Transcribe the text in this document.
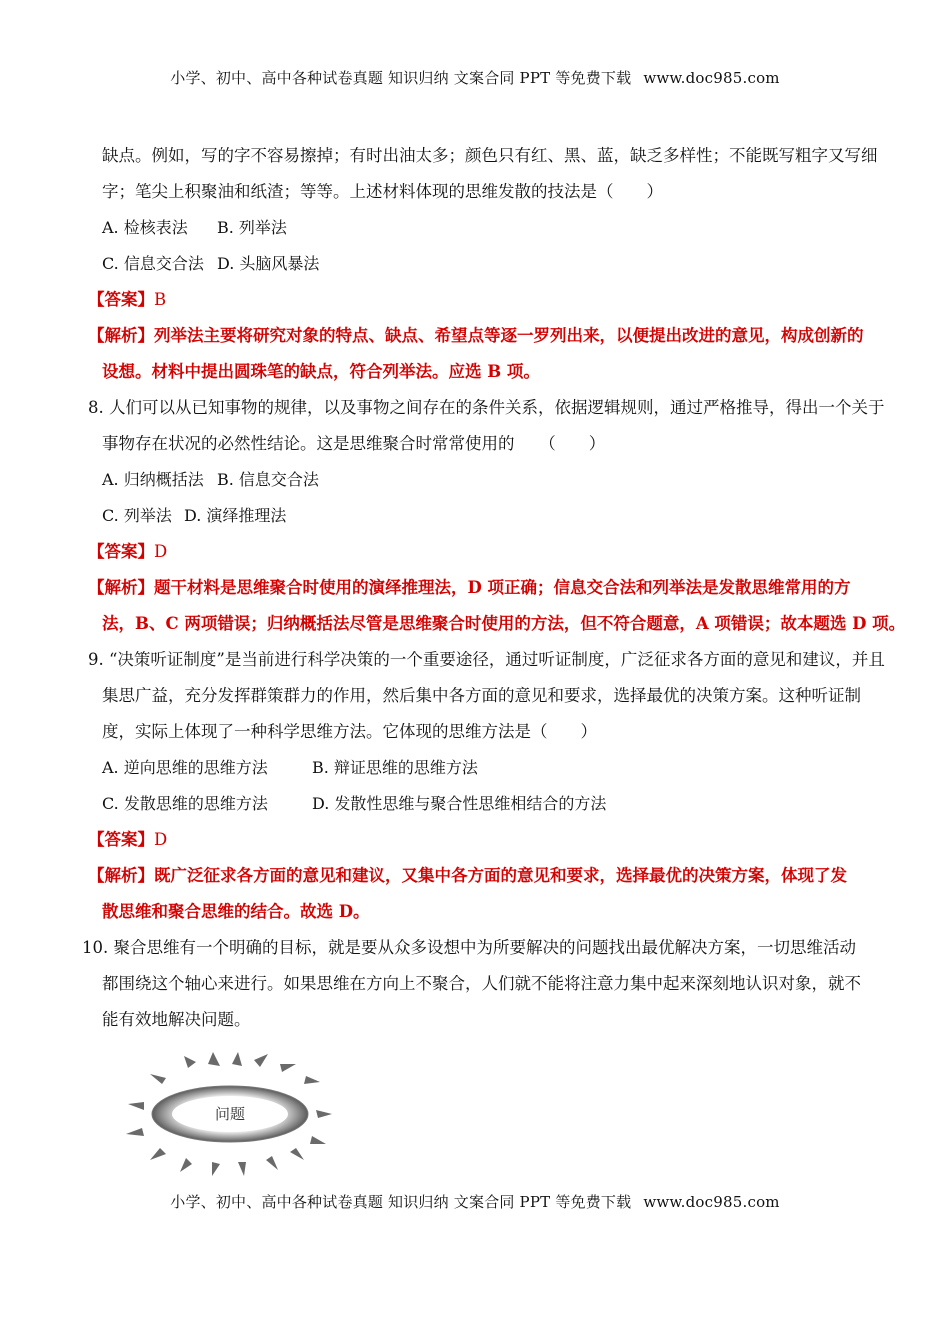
小学、初中、高中各种试卷真题 知识归纳 文案合同 PPT 等免费下载 www.doc985.com
缺点。例如，写的字不容易擦掉；有时出油太多；颜色只有红、黑、蓝，缺乏多样性；不能既写粗字又写细
字；笔尖上积聚油和纸渣；等等。上述材料体现的思维发散的技法是（　　）
A. 检核表法 B. 列举法
C. 信息交合法 D. 头脑风暴法
【答案】B
【解析】列举法主要将研究对象的特点、缺点、希望点等逐一罗列出来，以便提出改进的意见，构成创新的
设想。材料中提出圆珠笔的缺点，符合列举法。应选 B 项。
8. 人们可以从已知事物的规律，以及事物之间存在的条件关系，依据逻辑规则，通过严格推导，得出一个关于
事物存在状况的必然性结论。这是思维聚合时常常使用的　　（　　）
A. 归纳概括法 B. 信息交合法
C. 列举法 D. 演绎推理法
【答案】D
【解析】题干材料是思维聚合时使用的演绎推理法，D 项正确；信息交合法和列举法是发散思维常用的方
法，B、C 两项错误；归纳概括法尽管是思维聚合时使用的方法，但不符合题意，A 项错误；故本题选 D 项。
9. “决策听证制度”是当前进行科学决策的一个重要途径，通过听证制度，广泛征求各方面的意见和建议，并且
集思广益，充分发挥群策群力的作用，然后集中各方面的意见和要求，选择最优的决策方案。这种听证制
度，实际上体现了一种科学思维方法。它体现的思维方法是（　　）
A. 逆向思维的思维方法	B. 辩证思维的思维方法
C. 发散思维的思维方法	D. 发散性思维与聚合性思维相结合的方法
【答案】D
【解析】既广泛征求各方面的意见和建议，又集中各方面的意见和要求，选择最优的决策方案，体现了发
散思维和聚合思维的结合。故选 D。
10. 聚合思维有一个明确的目标，就是要从众多设想中为所要解决的问题找出最优解决方案，一切思维活动
都围绕这个轴心来进行。如果思维在方向上不聚合，人们就不能将注意力集中起来深刻地认识对象，就不
能有效地解决问题。
问题
小学、初中、高中各种试卷真题 知识归纳 文案合同 PPT 等免费下载 www.doc985.com
